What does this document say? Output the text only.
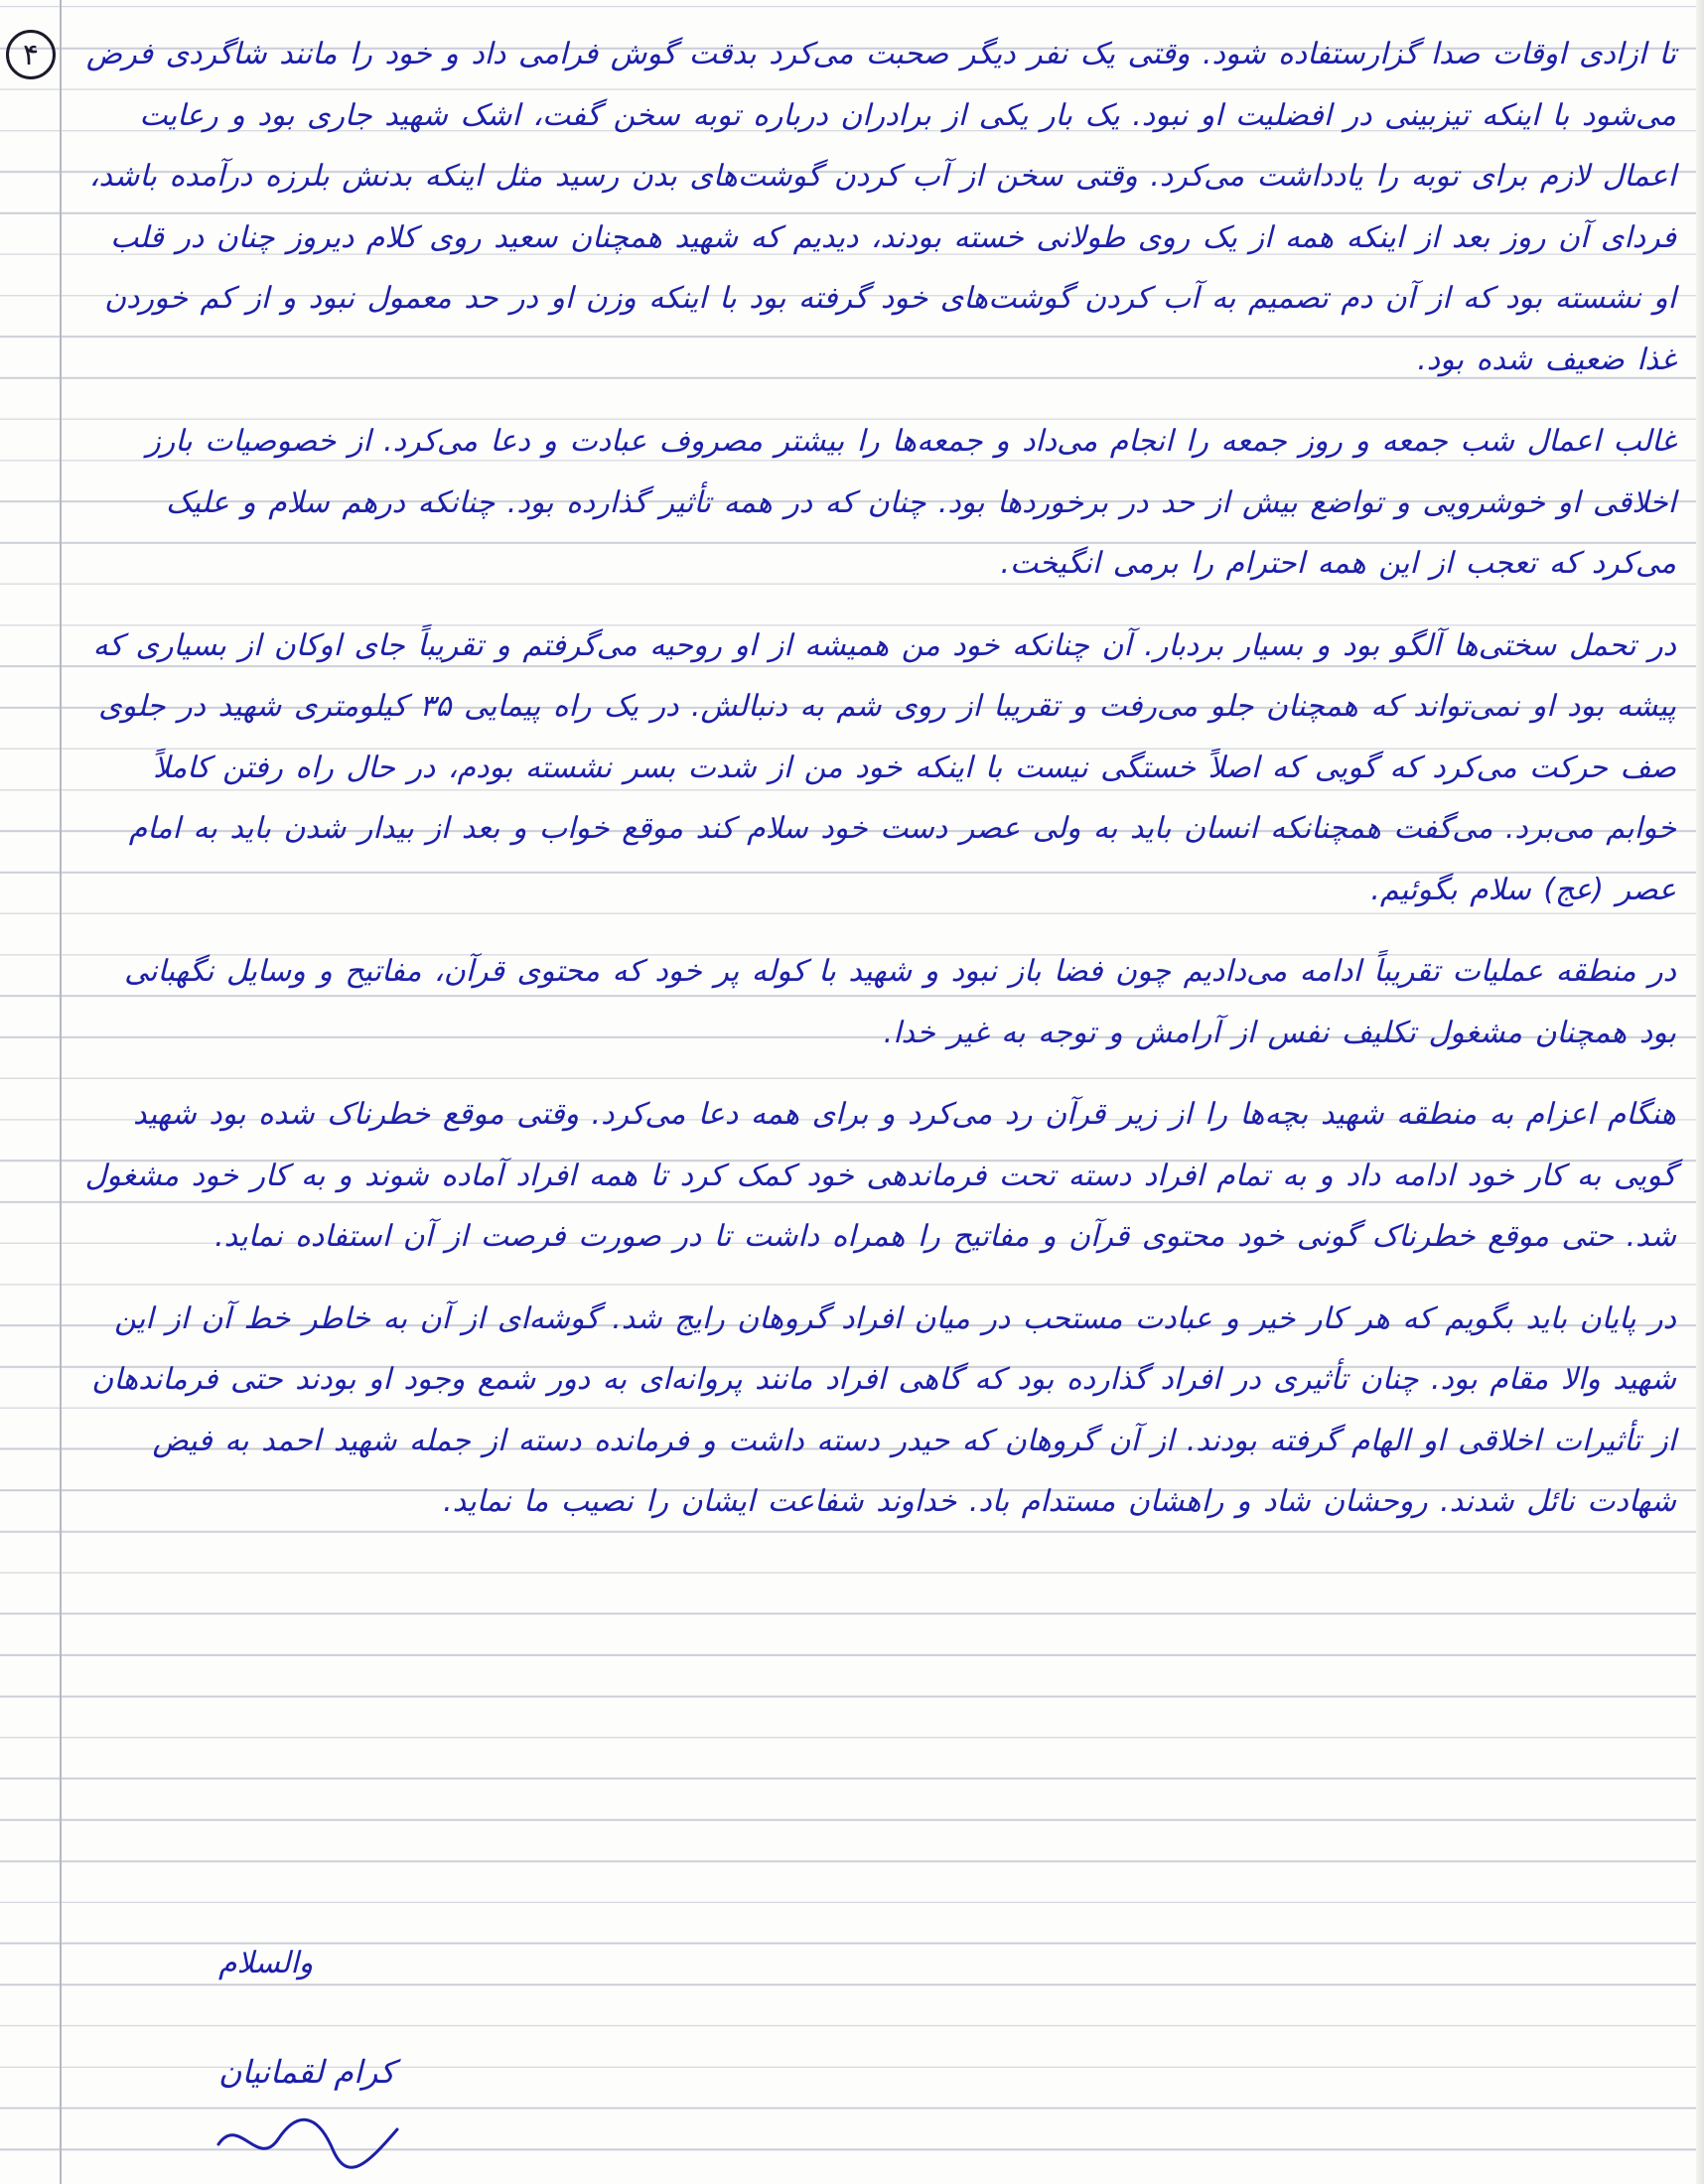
۴	تا ازادی اوقات صدا گزارستفاده شود. وقتی یک نفر دیگر صحبت می‌کرد بدقت گوش فرامی داد و خود را مانند شاگردی فرض می‌شود با اینکه تیزبینی در افضلیت او نبود. یک بار یکی از برادران درباره توبه سخن گفت، اشک شهید جاری بود و رعایت اعمال لازم برای توبه را یادداشت می‌کرد. وقتی سخن از آب کردن گوشت‌های بدن رسید مثل اینکه بدنش بلرزه درآمده باشد، فردای آن روز بعد از اینکه همه از یک روی طولانی خسته بودند، دیدیم که شهید همچنان سعید روی کلام دیروز چنان در قلب او نشسته بود که از آن دم تصمیم به آب کردن گوشت‌های خود گرفته بود با اینکه وزن او در حد معمول نبود و از کم خوردن غذا ضعیف شده بود.

غالب اعمال شب جمعه و روز جمعه را انجام می‌داد و جمعه‌ها را بیشتر مصروف عبادت و دعا می‌کرد. از خصوصیات بارز اخلاقی او خوشرویی و تواضع بیش از حد در برخوردها بود. چنان که در همه تأثیر گذارده بود. چنانکه درهم سلام و علیک می‌کرد که تعجب از این همه احترام را برمی انگیخت.

در تحمل سختی‌ها آلگو بود و بسیار بردبار. آن چنانکه خود من همیشه از او روحیه می‌گرفتم و تقریباً جای اوکان از بسیاری که پیشه بود او نمی‌تواند که همچنان جلو می‌رفت و تقریبا از روی شم به دنبالش. در یک راه پیمایی ۳۵ کیلومتری شهید در جلوی صف حرکت می‌کرد که گویی که اصلاً خستگی نیست با اینکه خود من از شدت بسر نشسته بودم، در حال راه رفتن کاملاً خوابم می‌برد. می‌گفت همچنانکه انسان باید به ولی عصر دست خود سلام کند موقع خواب و بعد از بیدار شدن باید به امام عصر (عج) سلام بگوئیم.

در منطقه عملیات تقریباً ادامه می‌دادیم چون فضا باز نبود و شهید با کوله پر خود که محتوی قرآن، مفاتیح و وسایل نگهبانی بود همچنان مشغول تکلیف نفس از آرامش و توجه به غیر خدا.

هنگام اعزام به منطقه شهید بچه‌ها را از زیر قرآن رد می‌کرد و برای همه دعا می‌کرد. وقتی موقع خطرناک شده بود شهید گویی به کار خود ادامه داد و به تمام افراد دسته تحت فرماندهی خود کمک کرد تا همه افراد آماده شوند و به کار خود مشغول شد. حتی موقع خطرناک گونی خود محتوی قرآن و مفاتیح را همراه داشت تا در صورت فرصت از آن استفاده نماید.

در پایان باید بگویم که هر کار خیر و عبادت مستحب در میان افراد گروهان رایج شد. گوشه‌ای از آن به خاطر خط آن از این شهید والا مقام بود. چنان تأثیری در افراد گذارده بود که گاهی افراد مانند پروانه‌ای به دور شمع وجود او بودند حتی فرماندهان از تأثیرات اخلاقی او الهام گرفته بودند. از آن گروهان که حیدر دسته داشت و فرمانده دسته از جمله شهید احمد به فیض شهادت نائل شدند. روحشان شاد و راهشان مستدام باد. خداوند شفاعت ایشان را نصیب ما نماید.

والسلام
کرام لقمانیان
